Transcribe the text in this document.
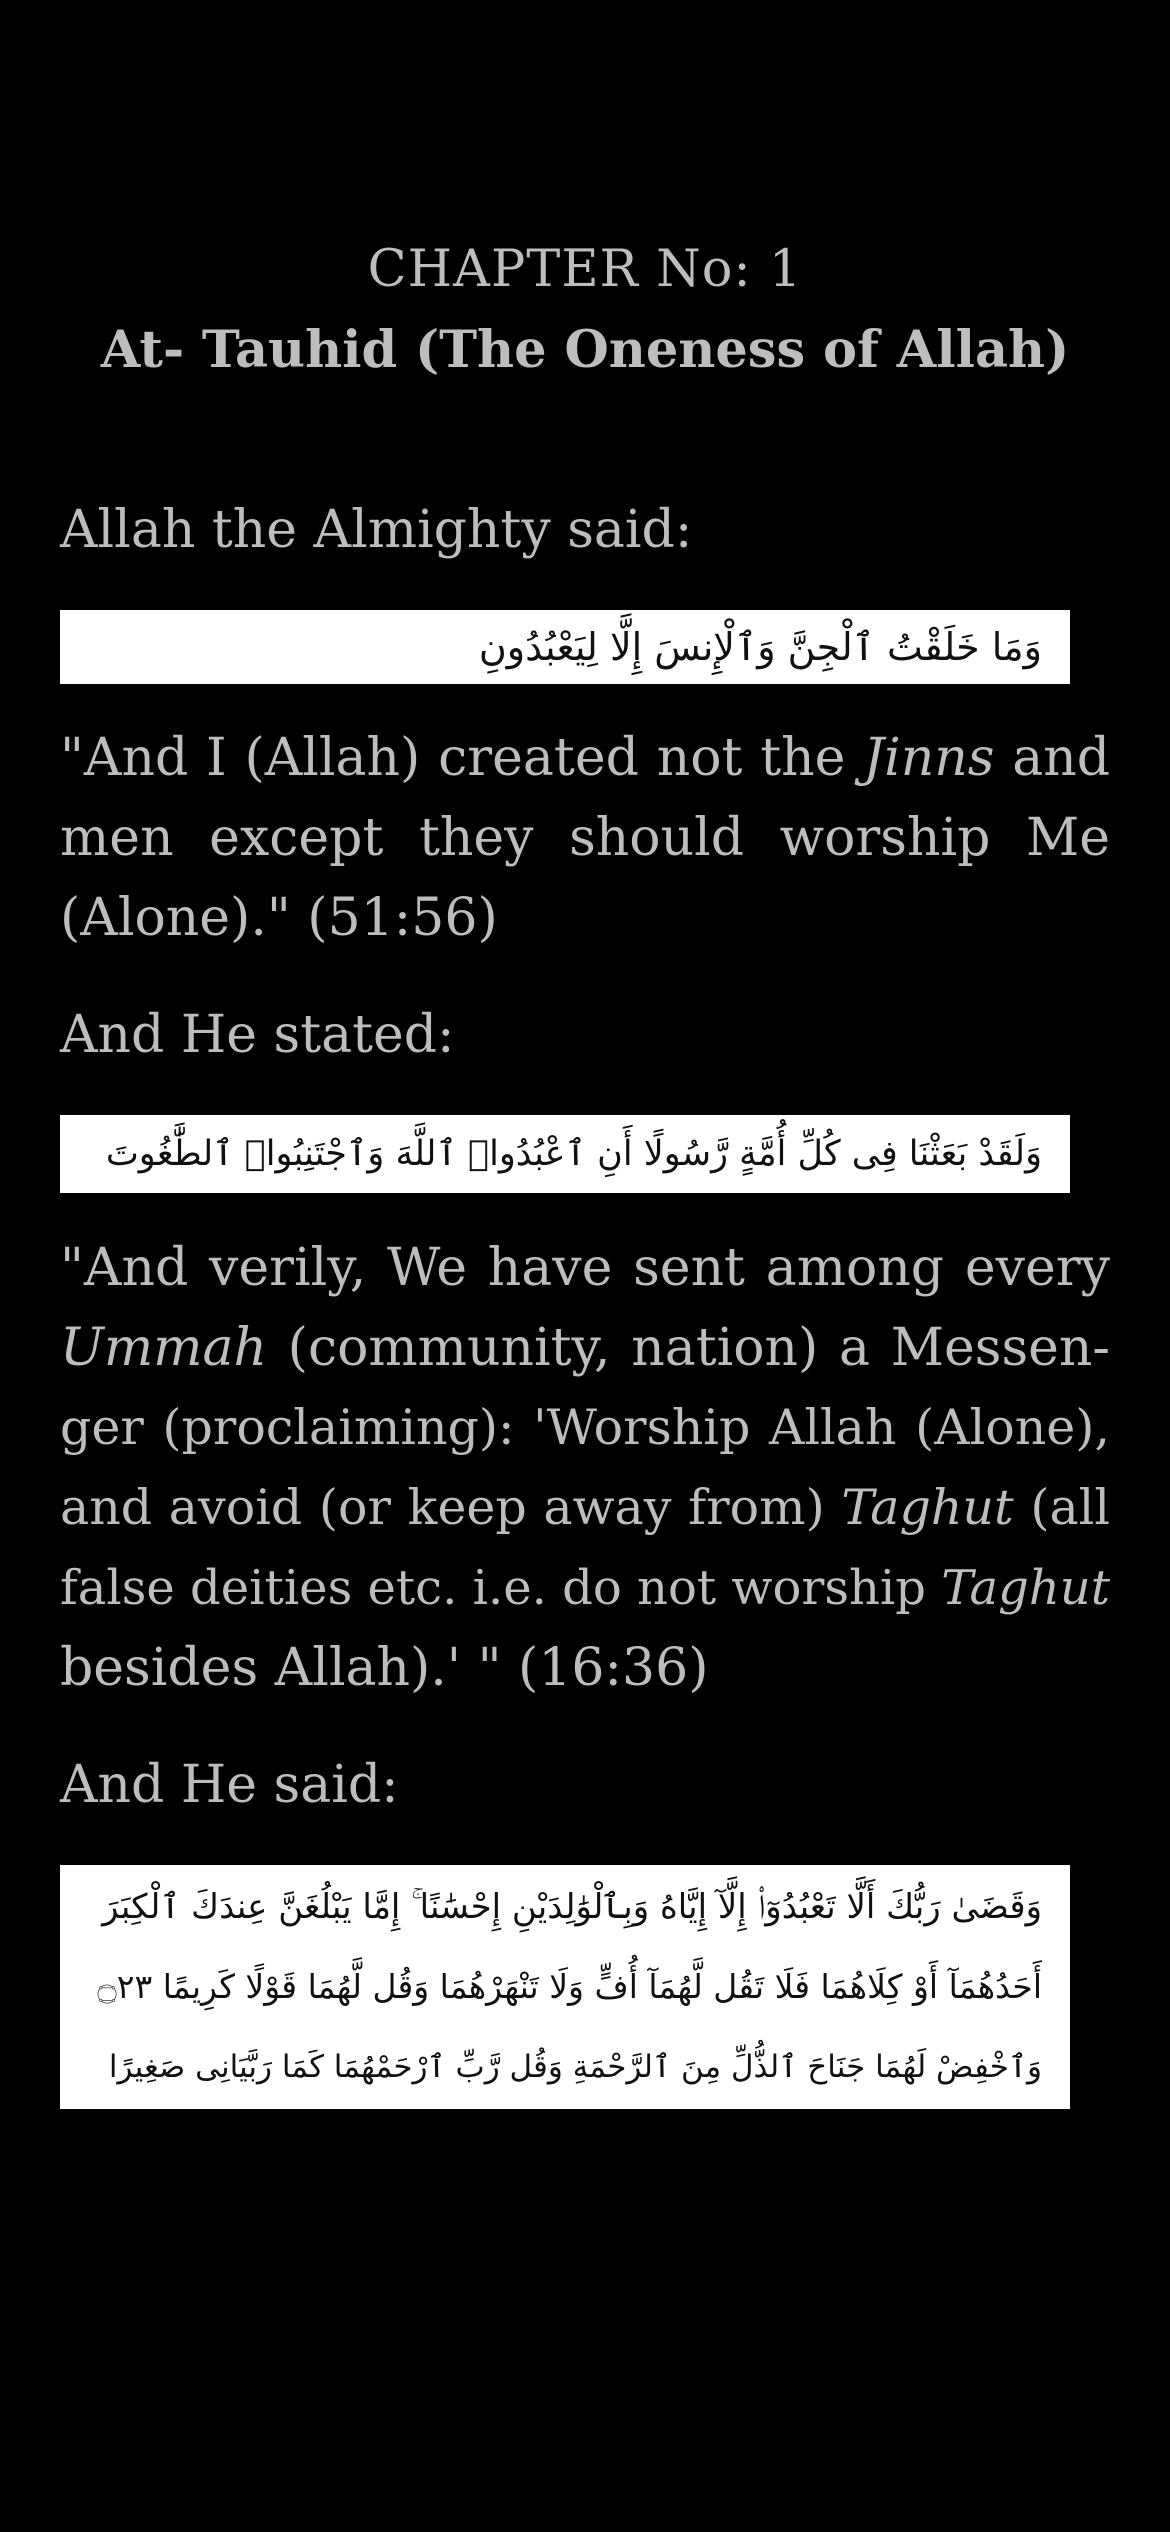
CHAPTER No: 1
At- Tauhid (The Oneness of Allah)
Allah the Almighty said:
وَمَا خَلَقْتُ ٱلْجِنَّ وَٱلْإِنسَ إِلَّا لِيَعْبُدُونِ
"And I (Allah) created not the Jinns and
men except they should worship Me
(Alone)." (51:56)
And He stated:
وَلَقَدْ بَعَثْنَا فِى كُلِّ أُمَّةٍ رَّسُولًا أَنِ ٱعْبُدُوا۟ ٱللَّهَ وَٱجْتَنِبُوا۟ ٱلطَّٰغُوتَ
"And verily, We have sent among every
Ummah (community, nation) a Messen-
ger (proclaiming): 'Worship Allah (Alone),
and avoid (or keep away from) Taghut (all
false deities etc. i.e. do not worship Taghut
besides Allah).' " (16:36)
And He said:
وَقَضَىٰ رَبُّكَ أَلَّا تَعْبُدُوٓا۟ إِلَّآ إِيَّاهُ وَبِٱلْوَٰلِدَيْنِ إِحْسَٰنًا ۚ إِمَّا يَبْلُغَنَّ عِندَكَ ٱلْكِبَرَ
أَحَدُهُمَآ أَوْ كِلَاهُمَا فَلَا تَقُل لَّهُمَآ أُفٍّ وَلَا تَنْهَرْهُمَا وَقُل لَّهُمَا قَوْلًا كَرِيمًا ۝٢٣
وَٱخْفِضْ لَهُمَا جَنَاحَ ٱلذُّلِّ مِنَ ٱلرَّحْمَةِ وَقُل رَّبِّ ٱرْحَمْهُمَا كَمَا رَبَّيَانِى صَغِيرًا
